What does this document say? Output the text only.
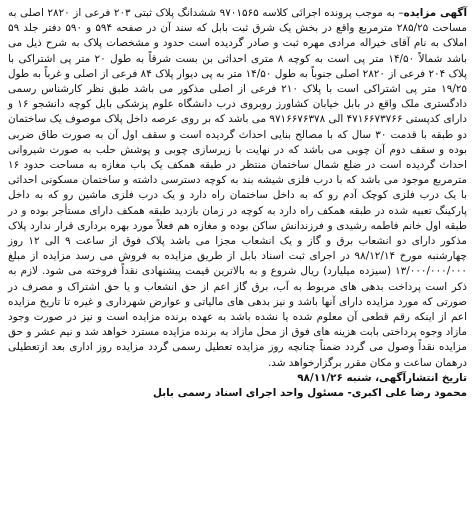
آگهی مزایده– به موجب پرونده اجرائی کلاسه ۹۷۰۱۵۶۵ ششدانگ پلاک ثبتی ۲۰۳ فرعی از ۲۸۲۰ اصلی به مساحت ۲۸۵/۲۵ مترمربع واقع در بخش یک شرق ثبت بابل که سند آن در صفحه ۵۹۴ و ۵۹۰ دفتر جلد ۵۹ املاک به نام آقای خیراله مرادی مهره ثبت و صادر گردیده است حدود و مشخصات پلاک به شرح ذیل می باشد شمالاً ۱۴/۵۰ متر پی است به کوچه ۸ متری احداثی بن بست شرقاً به طول ۲۰ متر پی اشتراکی با پلاک ۲۰۴ فرعی از ۲۸۲۰ اصلی جنوباً به طول ۱۴/۵۰ متر به پی دیوار پلاک ۸۴ فرعی از اصلی و غرباً به طول ۱۹/۲۵ متر پی اشتراکی است با پلاک ۲۱۰ فرعی از اصلی مذکور می باشد طبق نظر کارشناس رسمی دادگستری ملک واقع در بابل خیابان کشاورز روبروی درب دانشگاه علوم پزشکی بابل کوچه دانشجو ۱۶ و دارای کدپستی ۴۷۱۶۶۷۳۷۶۶ الی ۹۷۱۶۶۷۶۳۷۸ می باشد که بر روی عرصه داخل پلاک موصوف یک ساختمان دو طبقه با قدمت ۳۰ سال که با مصالح بنایی احداث گردیده است و سقف اول آن به صورت طاق ضربی بوده و سقف دوم آن چوبی می باشد که در نهایت با زیرسازی چوبی و پوشش حلب به صورت شیروانی احداث گردیده است در ضلع شمال ساختمان منتظر در طبقه همکف یک باب مغازه به مساحت حدود ۱۶ مترمربع موجود می باشد که با درب فلزی شیشه بند به کوچه دسترسی داشته و ساختمان مسکونی احداثی با یک درب فلزی کوچک آدم رو که به داخل ساختمان راه دارد و یک درب فلزی ماشین رو که به داخل پارکینگ تعبیه شده در طبقه همکف راه دارد به کوچه در زمان بازدید طبقه همکف دارای مستأجر بوده و در طبقه اول خانم فاطمه رشیدی و فرزندانش ساکن بوده و مغازه هم فعلاً مورد بهره برداری قرار ندارد پلاک مذکور دارای دو انشعاب برق و گاز و یک انشعاب مجزا می باشد پلاک فوق از ساعت ۹ الی ۱۲ روز چهارشنبه مورخ ۹۸/۱۲/۱۴ در اجرای ثبت اسناد بابل از طریق مزایده به فروش می رسد مزایده از مبلغ ۱۳/۰۰۰/۰۰۰/۰۰۰ (سیزده میلیارد) ریال شروع و به بالاترین قیمت پیشنهادی نقداً فروخته می شود. لازم به ذکر است پرداخت بدهی های مربوط به آب، برق گاز اعم از حق انشعاب و یا حق اشتراک و مصرف در صورتی که مورد مزایده دارای آنها باشد و نیز بدهی های مالیاتی و عوارض شهرداری و غیره تا تاریخ مزایده اعم از اینکه رقم قطعی آن معلوم شده یا نشده باشد به عهده برنده مزایده است و نیز در صورت وجود مازاد وجوه پرداختی بابت هزینه های فوق از محل مازاد به برنده مزایده مسترد خواهد شد و نیم عشر و حق مزایده نقداً وصول می گردد ضمناً چنانچه روز مزایده تعطیل رسمی گردد مزایده روز اداری بعد ازتعطیلی درهمان ساعت و مکان مقرر برگزارخواهد شد.

تاریخ انتشارآگهی، شنبه ۹۸/۱۱/۲۶

محمود رضا علی اکبری- مسئول واحد اجرای اسناد رسمی بابل
